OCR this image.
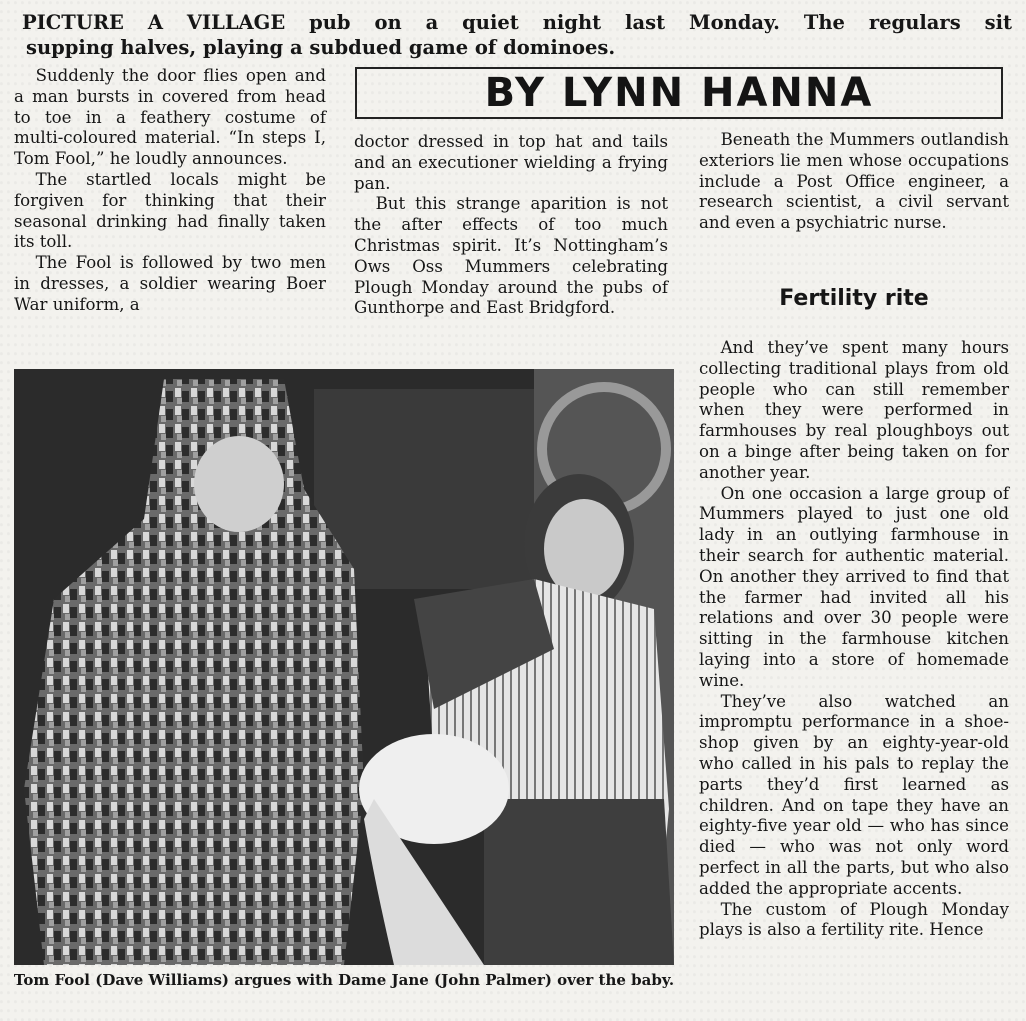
PICTURE A VILLAGE pub on a quiet night last Monday. The regulars sit
supping halves, playing a subdued game of dominoes.
BY LYNN HANNA

Suddenly the door flies open and a man bursts in covered from head to toe in a feathery costume of multi-coloured material. “In steps I, Tom Fool,” he loudly announces.

The startled locals might be forgiven for thinking that their seasonal drinking had finally taken its toll.

The Fool is followed by two men in dresses, a soldier wearing Boer War uniform, a

doctor dressed in top hat and tails and an executioner wielding a frying pan.

But this strange aparition is not the after effects of too much Christmas spirit. It’s Nottingham’s Ows Oss Mummers celebrating Plough Monday around the pubs of Gunthorpe and East Bridgford.

Beneath the Mummers outlandish exteriors lie men whose occupations include a Post Office engineer, a research scientist, a civil servant and even a psychiatric nurse.

Fertility rite

And they’ve spent many hours collecting traditional plays from old people who can still remember when they were performed in farmhouses by real ploughboys out on a binge after being taken on for another year.

On one occasion a large group of Mummers played to just one old lady in an outlying farmhouse in their search for authentic material. On another they arrived to find that the farmer had invited all his relations and over 30 people were sitting in the farmhouse kitchen laying into a store of homemade wine.

They’ve also watched an impromptu performance in a shoe-shop given by an eighty-year-old who called in his pals to replay the parts they’d first learned as children. And on tape they have an eighty-five year old — who has since died — who was not only word perfect in all the parts, but who also added the appropriate accents.

The custom of Plough Monday plays is also a fertility rite. Hence

Tom Fool (Dave Williams) argues with Dame Jane (John Palmer) over the baby.
